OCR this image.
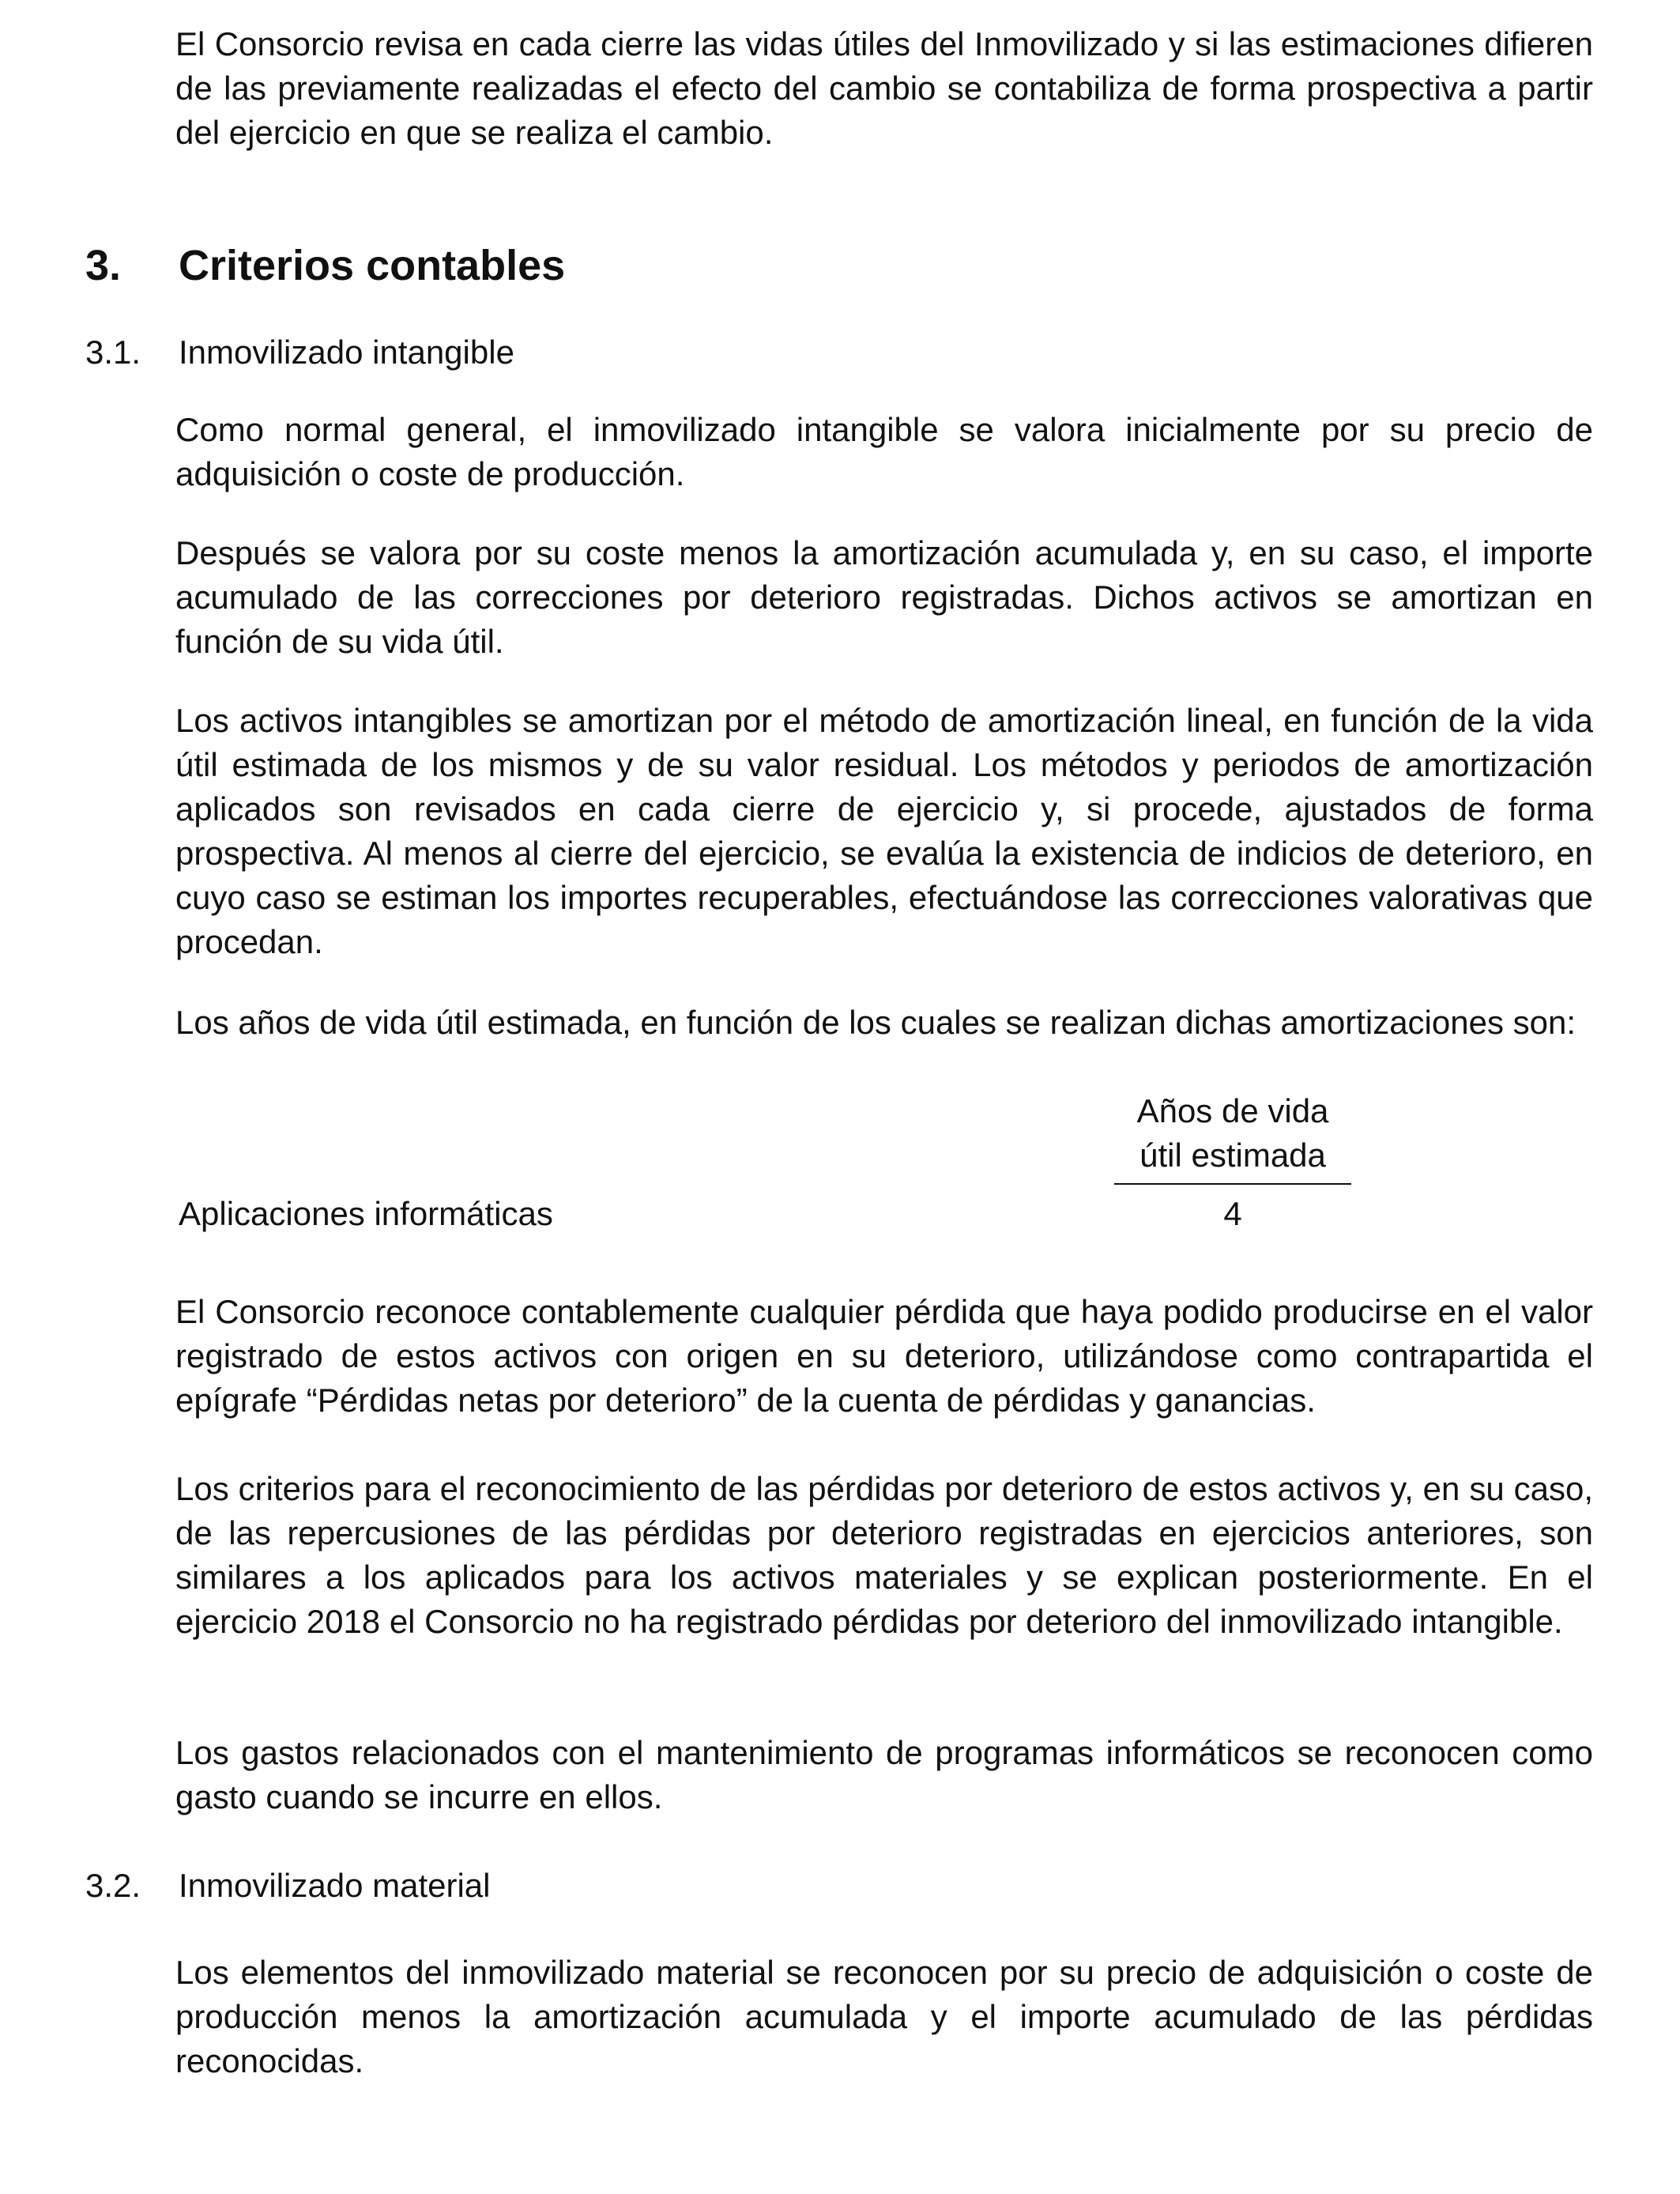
El Consorcio revisa en cada cierre las vidas útiles del Inmovilizado y si las estimaciones difieren de las previamente realizadas el efecto del cambio se contabiliza de forma prospectiva a partir del ejercicio en que se realiza el cambio.

3. Criterios contables
3.1. Inmovilizado intangible

Como normal general, el inmovilizado intangible se valora inicialmente por su precio de adquisición o coste de producción.

Después se valora por su coste menos la amortización acumulada y, en su caso, el importe acumulado de las correcciones por deterioro registradas. Dichos activos se amortizan en función de su vida útil.

Los activos intangibles se amortizan por el método de amortización lineal, en función de la vida útil estimada de los mismos y de su valor residual. Los métodos y periodos de amortización aplicados son revisados en cada cierre de ejercicio y, si procede, ajustados de forma prospectiva. Al menos al cierre del ejercicio, se evalúa la existencia de indicios de deterioro, en cuyo caso se estiman los importes recuperables, efectuándose las correcciones valorativas que procedan.

Los años de vida útil estimada, en función de los cuales se realizan dichas amortizaciones son:

Años de vida
útil estimada
Aplicaciones informáticas	4

El Consorcio reconoce contablemente cualquier pérdida que haya podido producirse en el valor registrado de estos activos con origen en su deterioro, utilizándose como contrapartida el epígrafe “Pérdidas netas por deterioro” de la cuenta de pérdidas y ganancias.

Los criterios para el reconocimiento de las pérdidas por deterioro de estos activos y, en su caso, de las repercusiones de las pérdidas por deterioro registradas en ejercicios anteriores, son similares a los aplicados para los activos materiales y se explican posteriormente. En el ejercicio 2018 el Consorcio no ha registrado pérdidas por deterioro del inmovilizado intangible.

Los gastos relacionados con el mantenimiento de programas informáticos se reconocen como gasto cuando se incurre en ellos.

3.2. Inmovilizado material

Los elementos del inmovilizado material se reconocen por su precio de adquisición o coste de producción menos la amortización acumulada y el importe acumulado de las pérdidas reconocidas.
